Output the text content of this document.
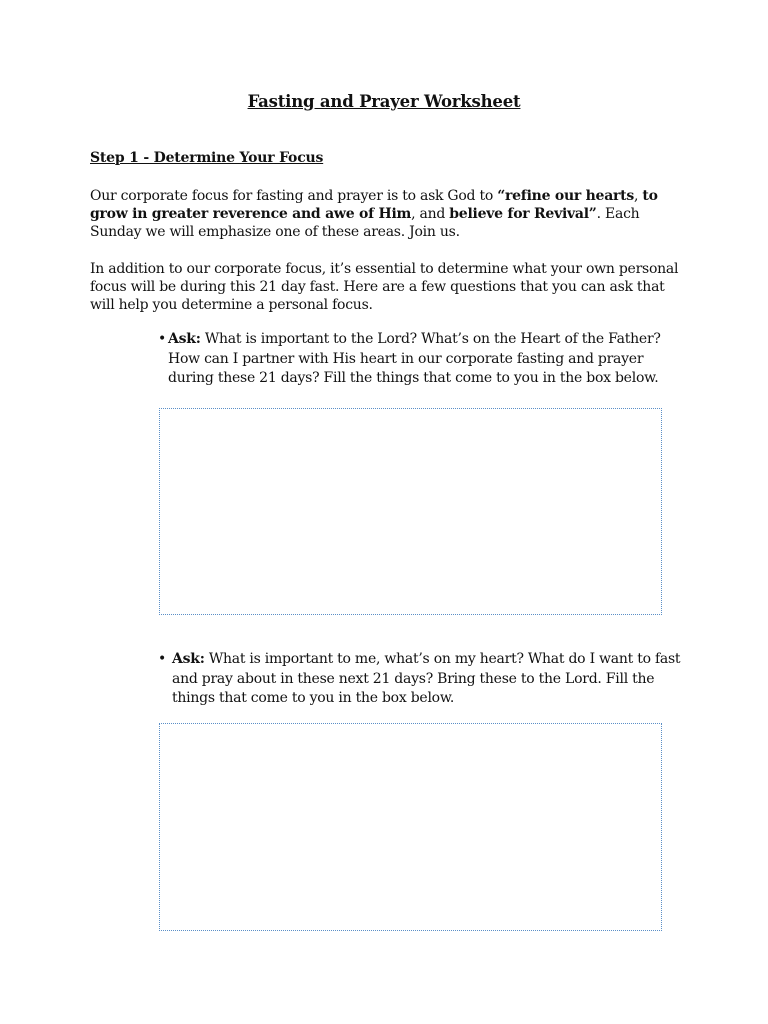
Fasting and Prayer Worksheet
Step 1 - Determine Your Focus
Our corporate focus for fasting and prayer is to ask God to “refine our hearts, to grow in greater reverence and awe of Him, and believe for Revival”. Each Sunday we will emphasize one of these areas. Join us.
In addition to our corporate focus, it’s essential to determine what your own personal focus will be during this 21 day fast. Here are a few questions that you can ask that will help you determine a personal focus.
• Ask: What is important to the Lord? What’s on the Heart of the Father? How can I partner with His heart in our corporate fasting and prayer during these 21 days? Fill the things that come to you in the box below.
• Ask: What is important to me, what’s on my heart? What do I want to fast and pray about in these next 21 days? Bring these to the Lord. Fill the things that come to you in the box below.
